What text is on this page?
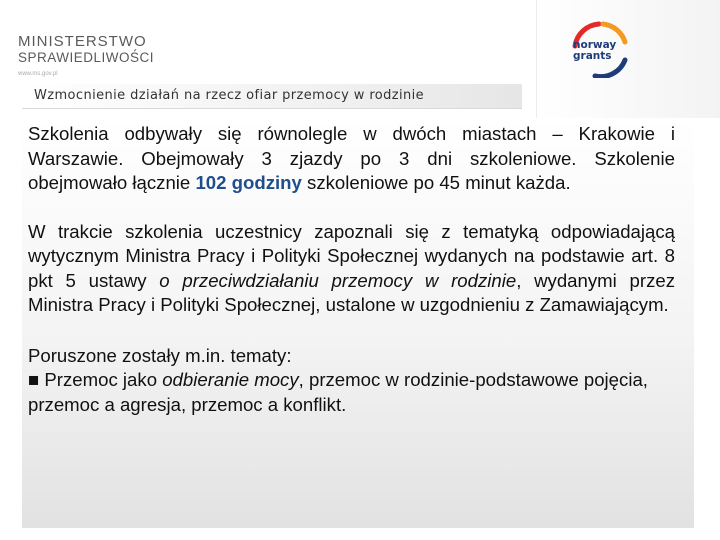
MINISTERSTWO
SPRAWIEDLIWOŚCI
www.ms.gov.pl
Wzmocnienie działań na rzecz ofiar przemocy w rodzinie
norway
grants

Szkolenia odbywały się równolegle w dwóch miastach – Krakowie i Warszawie. Obejmowały 3 zjazdy po 3 dni szkoleniowe. Szkolenie obejmowało łącznie 102 godziny szkoleniowe po 45 minut każda.

W trakcie szkolenia uczestnicy zapoznali się z tematyką odpowiadającą wytycznym Ministra Pracy i Polityki Społecznej wydanych na podstawie art. 8 pkt 5 ustawy o przeciwdziałaniu przemocy w rodzinie, wydanymi przez Ministra Pracy i Polityki Społecznej, ustalone w uzgodnieniu z Zamawiającym.

Poruszone zostały m.in. tematy:

■ Przemoc jako odbieranie mocy, przemoc w rodzinie-podstawowe pojęcia, przemoc a agresja, przemoc a konflikt.
